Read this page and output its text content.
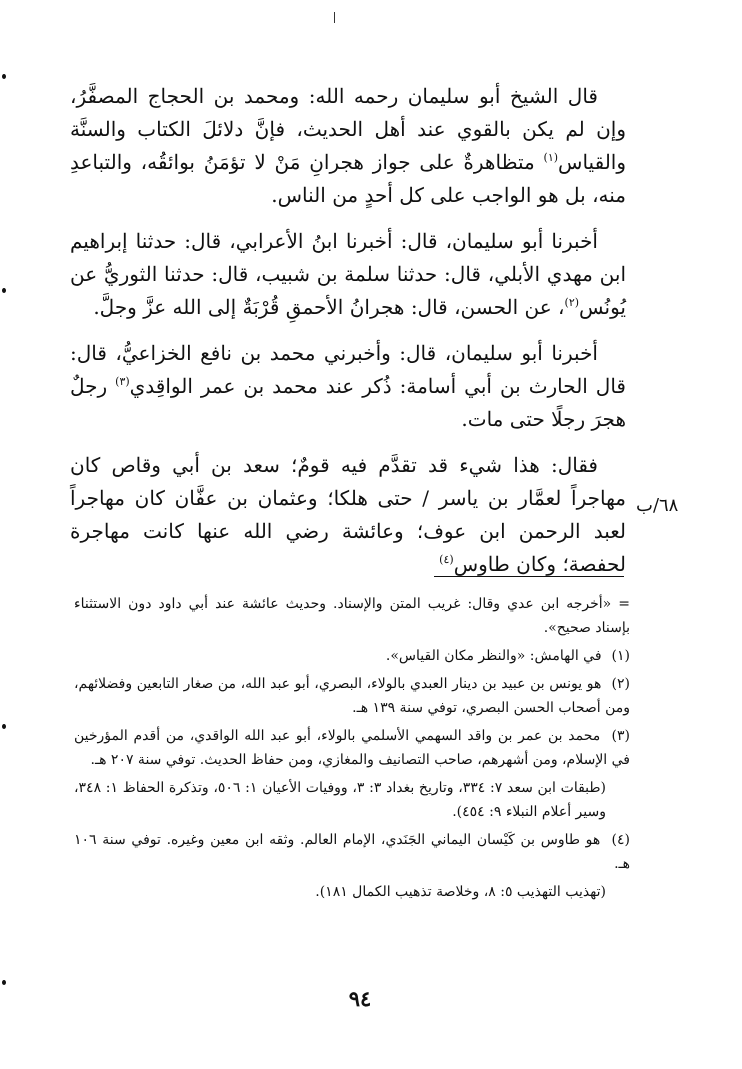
قال الشيخ أبو سليمان رحمه الله: ومحمد بن الحجاج المصفَّرُ، وإن لم يكن بالقوي عند أهل الحديث، فإنَّ دلائلَ الكتاب والسنَّة والقياس$^{(١)}$ متظاهرةٌ على جواز هجرانِ مَنْ لا تؤمَنُ بوائقُه، والتباعدِ منه، بل هو الواجب على كل أحدٍ من الناس.

أخبرنا أبو سليمان، قال: أخبرنا ابنُ الأعرابي، قال: حدثنا إبراهيم ابن مهدي الأبلي، قال: حدثنا سلمة بن شبيب، قال: حدثنا الثوريُّ عن يُونُس$^{(٢)}$، عن الحسن، قال: هجرانُ الأحمقِ قُرْبَةٌ إلى الله عزَّ وجلَّ.

أخبرنا أبو سليمان، قال: وأخبرني محمد بن نافع الخزاعيُّ، قال: قال الحارث بن أبي أسامة: ذُكر عند محمد بن عمر الواقِدي$^{(٣)}$ رجلٌ هجرَ رجلًا حتى مات.

فقال: هذا شيء قد تقدَّم فيه قومٌ؛ سعد بن أبي وقاص كان مهاجراً لعمَّار بن ياسر / حتى هلكا؛ وعثمان بن عفَّان كان مهاجراً لعبد الرحمن ابن عوف؛ وعائشة رضي الله عنها كانت مهاجرة لحفصة؛ وكان طاوس$^{(٤)}$

٦٨/ب
= «أخرجه ابن عدي وقال: غريب المتن والإسناد. وحديث عائشة عند أبي داود دون الاستثناء بإسناد صحيح».
(١) في الهامش: «والنظر مكان القياس».
(٢) هو يونس بن عبيد بن دينار العبدي بالولاء، البصري، أبو عبد الله، من صغار التابعين وفضلائهم، ومن أصحاب الحسن البصري، توفي سنة ١٣٩ هـ.
(٣) محمد بن عمر بن واقد السهمي الأسلمي بالولاء، أبو عبد الله الواقدي، من أقدم المؤرخين في الإسلام، ومن أشهرهم، صاحب التصانيف والمغازي، ومن حفاظ الحديث. توفي سنة ٢٠٧ هـ.
(طبقات ابن سعد ٧: ٣٣٤، وتاريخ بغداد ٣: ٣، ووفيات الأعيان ١: ٥٠٦، وتذكرة الحفاظ ١: ٣٤٨، وسير أعلام النبلاء ٩: ٤٥٤).
(٤) هو طاوس بن كَيْسان اليماني الجَنَدي، الإمام العالم. وثقه ابن معين وغيره. توفي سنة ١٠٦ هـ.
(تهذيب التهذيب ٥: ٨، وخلاصة تذهيب الكمال ١٨١).
٩٤
